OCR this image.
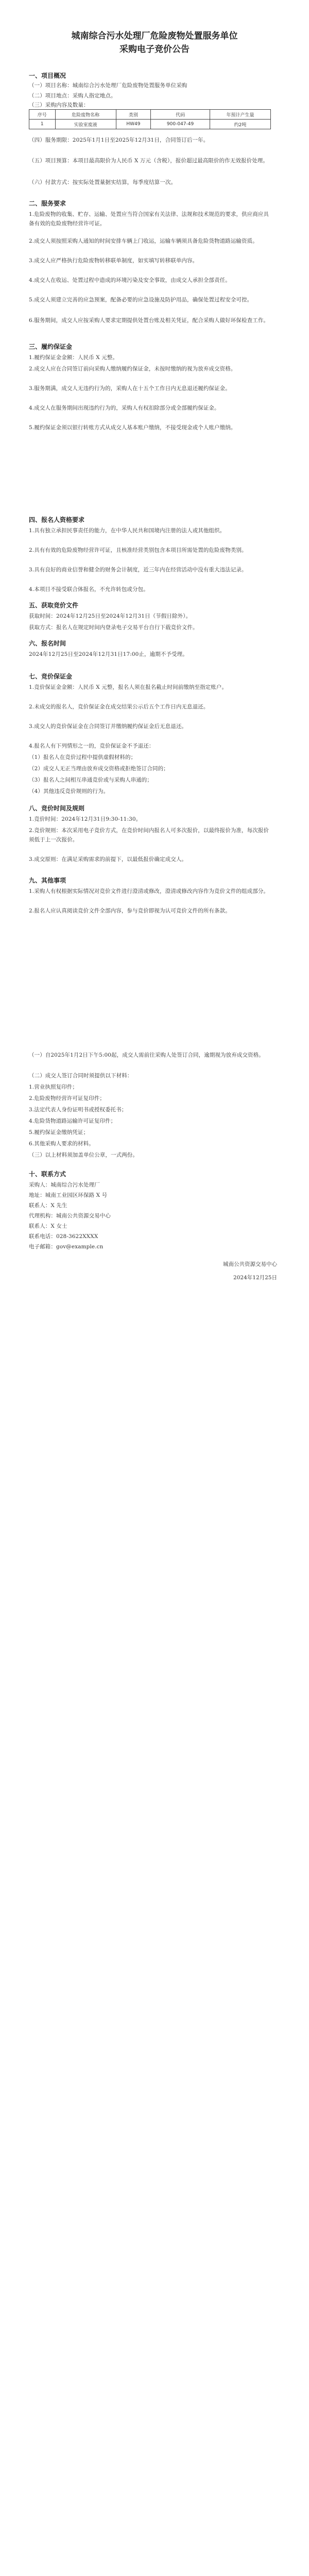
城南综合污水处理厂危险废物处置服务单位
采购电子竞价公告

一、项目概况

（一）项目名称：城南综合污水处理厂危险废物处置服务单位采购

（二）项目地点：采购人指定地点。

（三）采购内容及数量：

序号	危险废物名称	类别	代码	年预计产生量
1	实验室废液	HW49	900-047-49	约2吨

（四）服务期限：2025年1月1日至2025年12月31日，合同签订后一年。

（五）项目预算：本项目最高限价为人民币 X 万元（含税），报价超过最高限价的作无效报价处理。

（六）付款方式：按实际处置量据实结算，每季度结算一次。

二、服务要求

1.危险废物的收集、贮存、运输、处置应当符合国家有关法律、法规和技术规范的要求，供应商应具备有效的危险废物经营许可证。

2.成交人须按照采购人通知的时间安排车辆上门收运，运输车辆须具备危险货物道路运输资质。

3.成交人应严格执行危险废物转移联单制度，如实填写转移联单内容。

4.成交人在收运、处置过程中造成的环境污染及安全事故，由成交人承担全部责任。

5.成交人须建立完善的应急预案，配备必要的应急设施及防护用品，确保处置过程安全可控。

6.服务期间，成交人应按采购人要求定期提供处置台账及相关凭证，配合采购人做好环保检查工作。

三、履约保证金

1.履约保证金金额：人民币 X 元整。

2.成交人应在合同签订前向采购人缴纳履约保证金，未按时缴纳的视为放弃成交资格。

3.服务期满，成交人无违约行为的，采购人在十五个工作日内无息退还履约保证金。

4.成交人在服务期间出现违约行为的，采购人有权扣除部分或全部履约保证金。

5.履约保证金须以银行转账方式从成交人基本账户缴纳，不接受现金或个人账户缴纳。

四、报名人资格要求

1.具有独立承担民事责任的能力，在中华人民共和国境内注册的法人或其他组织。

2.具有有效的危险废物经营许可证，且核准经营类别包含本项目所需处置的危险废物类别。

3.具有良好的商业信誉和健全的财务会计制度，近三年内在经营活动中没有重大违法记录。

4.本项目不接受联合体报名，不允许转包或分包。

五、获取竞价文件

获取时间：2024年12月25日至2024年12月31日（节假日除外）。

获取方式：报名人在规定时间内登录电子交易平台自行下载竞价文件。

六、报名时间

2024年12月25日至2024年12月31日17:00止，逾期不予受理。

七、竞价保证金

1.竞价保证金金额：人民币 X 元整，报名人须在报名截止时间前缴纳至指定账户。

2.未成交的报名人，竞价保证金在成交结果公示后五个工作日内无息退还。

3.成交人的竞价保证金在合同签订并缴纳履约保证金后无息退还。

4.报名人有下列情形之一的，竞价保证金不予退还：

（1）报名人在竞价过程中提供虚假材料的；

（2）成交人无正当理由放弃成交资格或拒绝签订合同的；

（3）报名人之间相互串通竞价或与采购人串通的；

（4）其他违反竞价规则的行为。

八、竞价时间及规则

1.竞价时间：2024年12月31日9:30-11:30。

2.竞价规则：本次采用电子竞价方式，在竞价时间内报名人可多次报价，以最终报价为准，每次报价须低于上一次报价。

3.成交原则：在满足采购需求的前提下，以最低报价确定成交人。

九、其他事项

1.采购人有权根据实际情况对竞价文件进行澄清或修改，澄清或修改内容作为竞价文件的组成部分。

2.报名人应认真阅读竞价文件全部内容，参与竞价即视为认可竞价文件的所有条款。

（一）自2025年1月2日下午5:00起，成交人需前往采购人处签订合同，逾期视为放弃成交资格。

（二）成交人签订合同时须提供以下材料：

1.营业执照复印件；

2.危险废物经营许可证复印件；

3.法定代表人身份证明书或授权委托书；

4.危险货物道路运输许可证复印件；

5.履约保证金缴纳凭证；

6.其他采购人要求的材料。

（三）以上材料须加盖单位公章，一式两份。

十、联系方式

采购人：城南综合污水处理厂

地址：城南工业园区环保路 X 号

联系人：X 先生

代理机构：城南公共资源交易中心

联系人：X 女士

联系电话：028-3622XXXX

电子邮箱：gov@example.cn

城南公共资源交易中心

2024年12月25日
